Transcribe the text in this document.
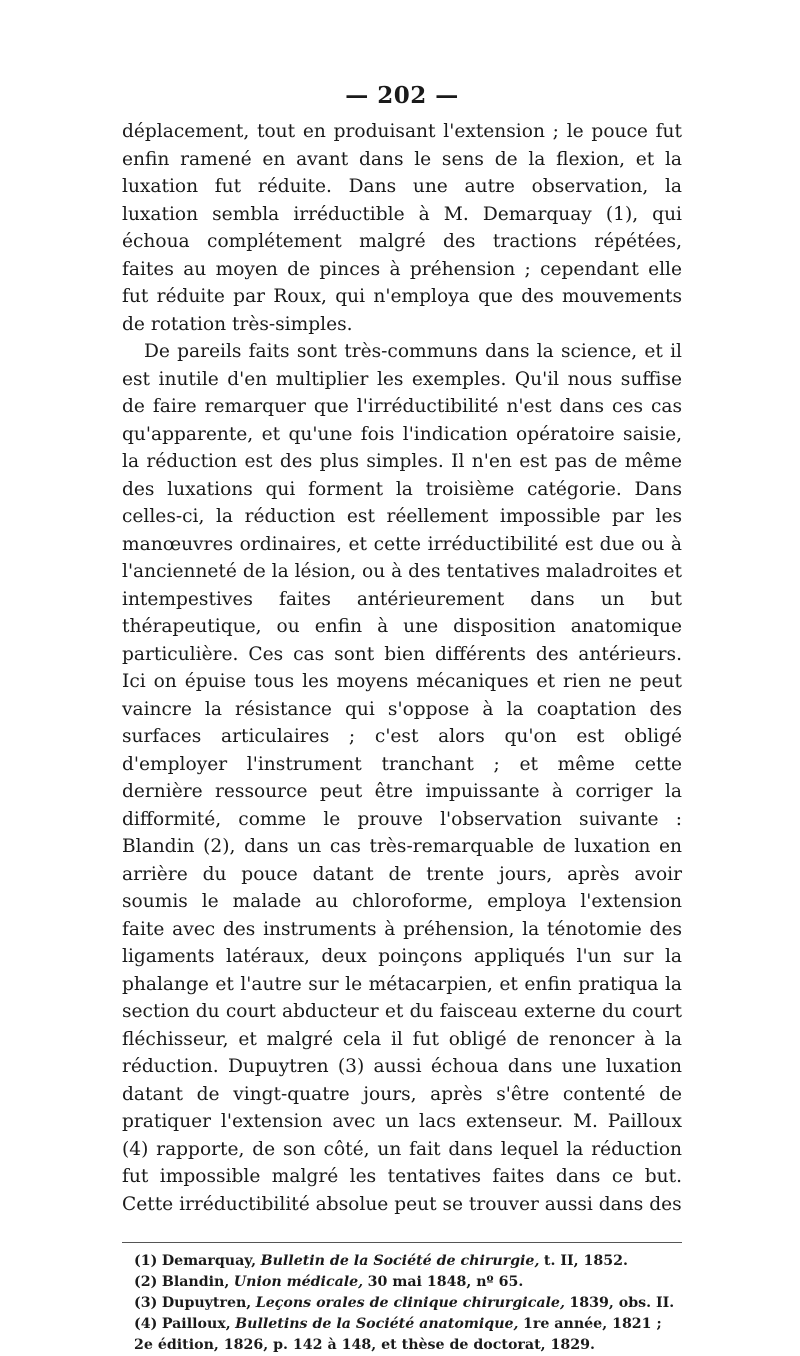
— 202 —

déplacement, tout en produisant l'extension ; le pouce fut enfin ramené en avant dans le sens de la flexion, et la luxation fut réduite. Dans une autre observation, la luxation sembla irréductible à M. Demarquay (1), qui échoua complétement malgré des tractions répétées, faites au moyen de pinces à préhension ; cependant elle fut réduite par Roux, qui n'employa que des mouvements de rotation très-simples.

De pareils faits sont très-communs dans la science, et il est inutile d'en multiplier les exemples. Qu'il nous suffise de faire remarquer que l'irréductibilité n'est dans ces cas qu'apparente, et qu'une fois l'indication opératoire saisie, la réduction est des plus simples. Il n'en est pas de même des luxations qui forment la troisième catégorie. Dans celles-ci, la réduction est réellement impossible par les manœuvres ordinaires, et cette irréductibilité est due ou à l'ancienneté de la lésion, ou à des tentatives maladroites et intempestives faites antérieurement dans un but thérapeutique, ou enfin à une disposition anatomique particulière. Ces cas sont bien différents des antérieurs. Ici on épuise tous les moyens mécaniques et rien ne peut vaincre la résistance qui s'oppose à la coaptation des surfaces articulaires ; c'est alors qu'on est obligé d'employer l'instrument tranchant ; et même cette dernière ressource peut être impuissante à corriger la difformité, comme le prouve l'observation suivante : Blandin (2), dans un cas très-remarquable de luxation en arrière du pouce datant de trente jours, après avoir soumis le malade au chloroforme, employa l'extension faite avec des instruments à préhension, la ténotomie des ligaments latéraux, deux poinçons appliqués l'un sur la phalange et l'autre sur le métacarpien, et enfin pratiqua la section du court abducteur et du faisceau externe du court fléchisseur, et malgré cela il fut obligé de renoncer à la réduction. Dupuytren (3) aussi échoua dans une luxation datant de vingt-quatre jours, après s'être contenté de pratiquer l'extension avec un lacs extenseur. M. Pailloux (4) rapporte, de son côté, un fait dans lequel la réduction fut impossible malgré les tentatives faites dans ce but. Cette irréductibilité absolue peut se trouver aussi dans des

(1) Demarquay, Bulletin de la Société de chirurgie, t. II, 1852.

(2) Blandin, Union médicale, 30 mai 1848, nº 65.

(3) Dupuytren, Leçons orales de clinique chirurgicale, 1839, obs. II.

(4) Pailloux, Bulletins de la Société anatomique, 1re année, 1821 ; 2e édition, 1826, p. 142 à 148, et thèse de doctorat, 1829.
